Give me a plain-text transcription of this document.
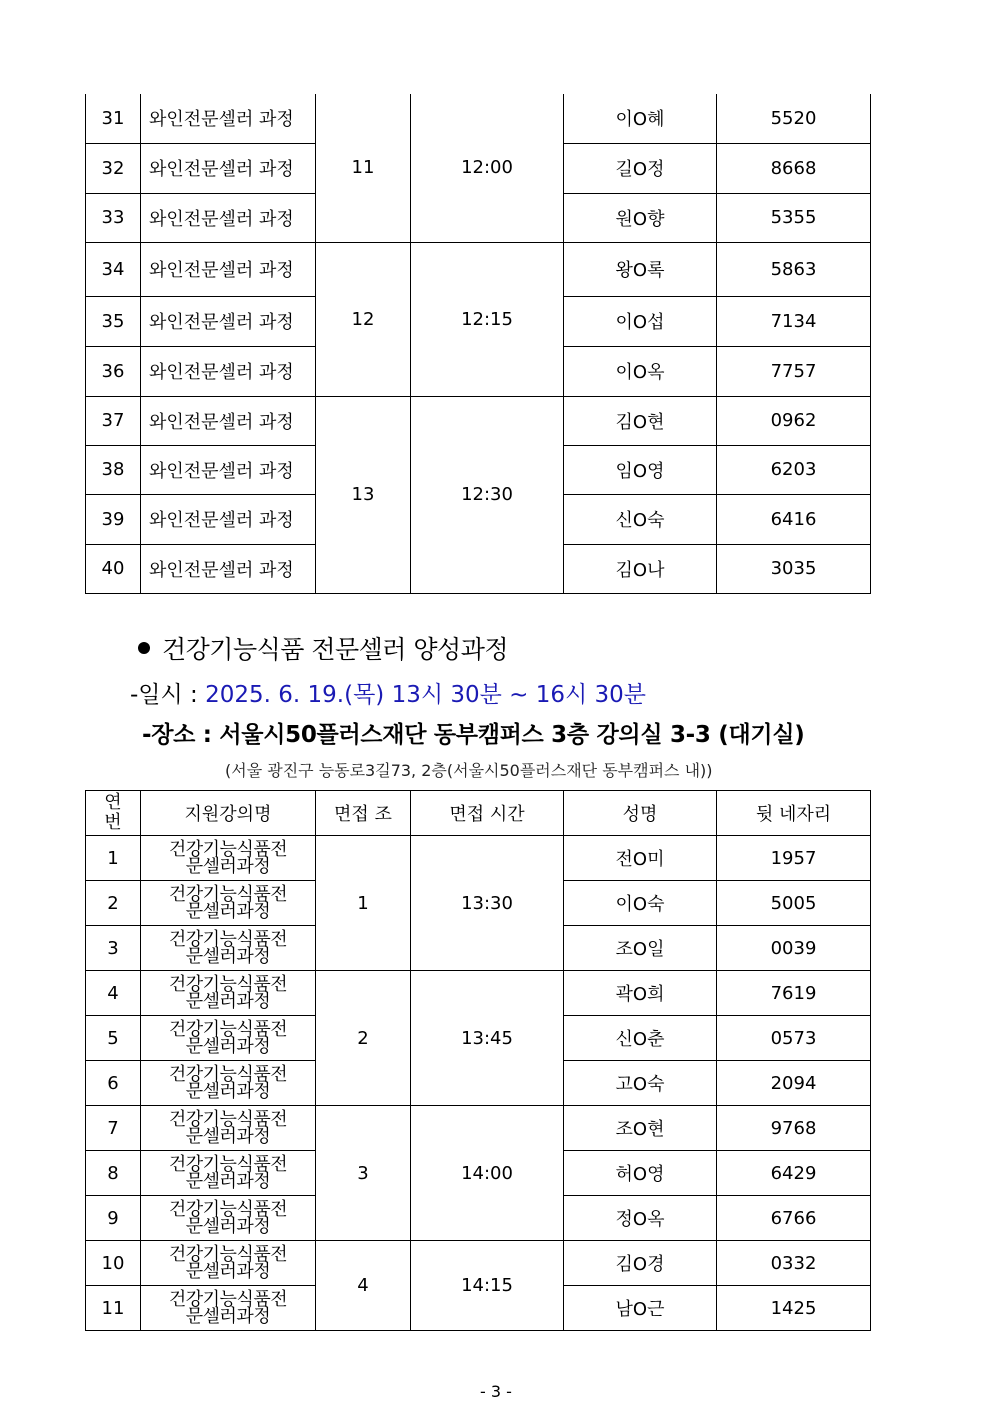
31	와인전문셀러 과정	11	12:00	이O혜	5520
32	와인전문셀러 과정			길O정	8668
33	와인전문셀러 과정			원O향	5355
34	와인전문셀러 과정	12	12:15	왕O록	5863
35	와인전문셀러 과정			이O섭	7134
36	와인전문셀러 과정			이O옥	7757
37	와인전문셀러 과정	13	12:30	김O현	0962
38	와인전문셀러 과정			임O영	6203
39	와인전문셀러 과정			신O숙	6416
40	와인전문셀러 과정			김O나	3035

건강기능식품 전문셀러 양성과정

-일시 : 2025. 6. 19.(목) 13시 30분 ~ 16시 30분

-장소 : 서울시50플러스재단 동부캠퍼스 3층 강의실 3-3 (대기실)

(서울 광진구 능동로3길73, 2층(서울시50플러스재단 동부캠퍼스 내))

연
번	지원강의명	면접 조	면접 시간	성명	뒷 네자리
1	건강기능식품전
문셀러과정	1	13:30	전O미	1957
2	건강기능식품전
문셀러과정			이O숙	5005
3	건강기능식품전
문셀러과정			조O일	0039
4	건강기능식품전
문셀러과정	2	13:45	곽O희	7619
5	건강기능식품전
문셀러과정			신O춘	0573
6	건강기능식품전
문셀러과정			고O숙	2094
7	건강기능식품전
문셀러과정	3	14:00	조O현	9768
8	건강기능식품전
문셀러과정			허O영	6429
9	건강기능식품전
문셀러과정			정O옥	6766
10	건강기능식품전
문셀러과정	4	14:15	김O경	0332
11	건강기능식품전
문셀러과정			남O근	1425

- 3 -
